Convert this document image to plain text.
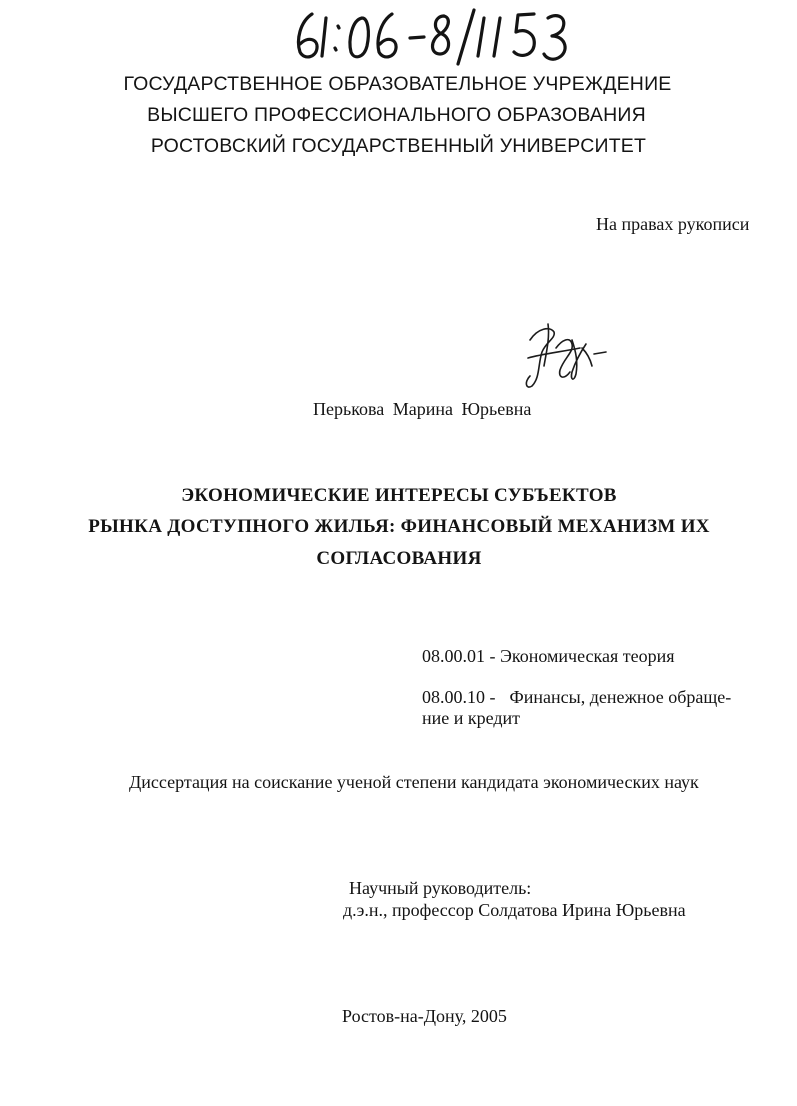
ГОСУДАРСТВЕННОЕ ОБРАЗОВАТЕЛЬНОЕ УЧРЕЖДЕНИЕ
ВЫСШЕГО ПРОФЕССИОНАЛЬНОГО ОБРАЗОВАНИЯ
РОСТОВСКИЙ ГОСУДАРСТВЕННЫЙ УНИВЕРСИТЕТ
На правах рукописи
Перькова Марина Юрьевна
ЭКОНОМИЧЕСКИЕ ИНТЕРЕСЫ СУБЪЕКТОВ
РЫНКА ДОСТУПНОГО ЖИЛЬЯ: ФИНАНСОВЫЙ МЕХАНИЗМ ИХ
СОГЛАСОВАНИЯ
08.00.01 - Экономическая теория
08.00.10 - Финансы, денежное обраще-
ние и кредит
Диссертация на соискание ученой степени кандидата экономических наук
Научный руководитель:
д.э.н., профессор Солдатова Ирина Юрьевна
Ростов-на-Дону, 2005
